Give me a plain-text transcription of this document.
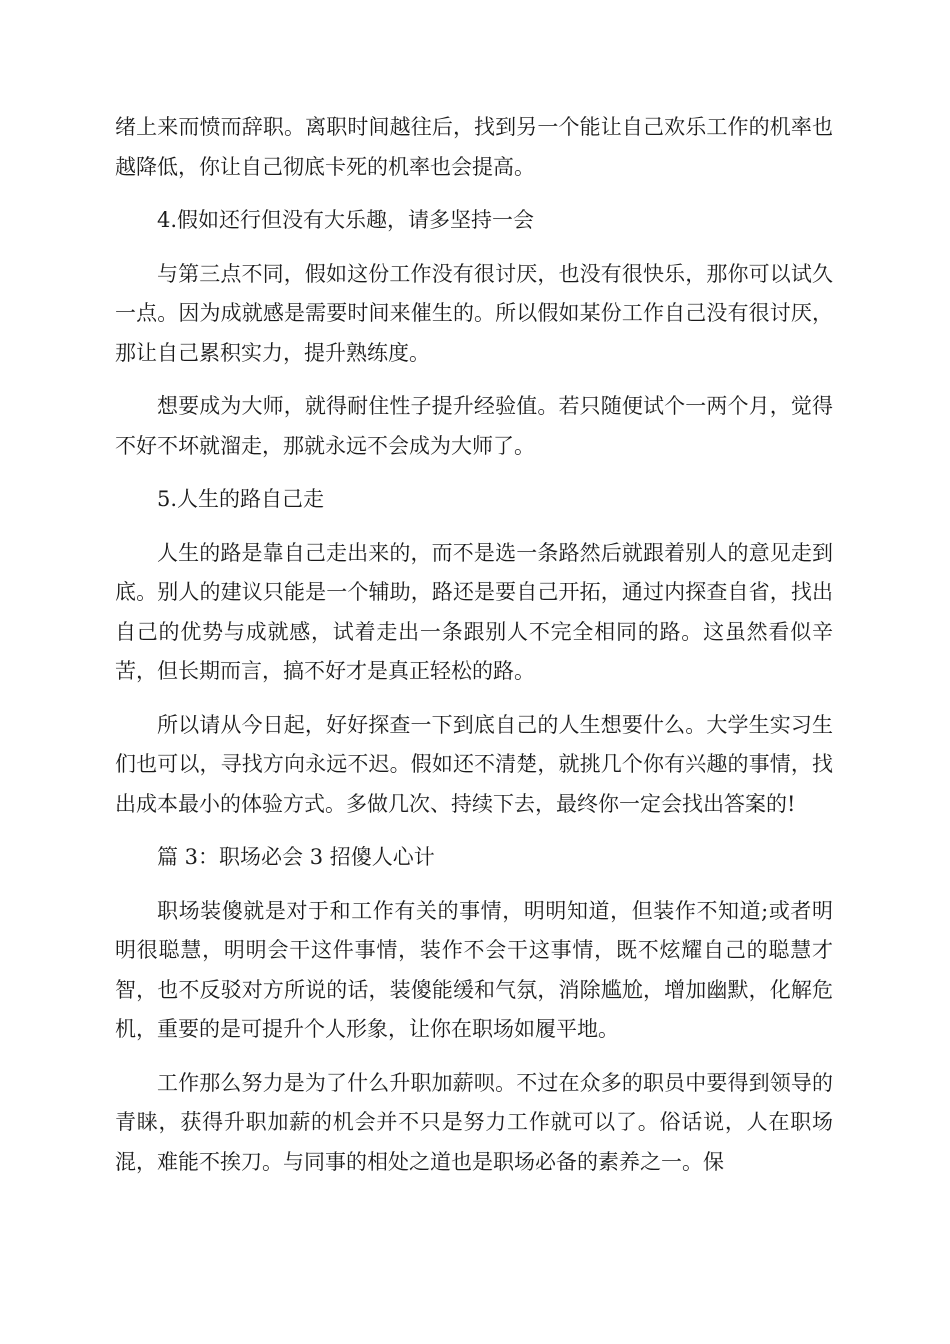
绪上来而愤而辞职。离职时间越往后，找到另一个能让自己欢乐工作的机率也越降低，你让自己彻底卡死的机率也会提高。

4.假如还行但没有大乐趣，请多坚持一会

与第三点不同，假如这份工作没有很讨厌，也没有很快乐，那你可以试久一点。因为成就感是需要时间来催生的。所以假如某份工作自己没有很讨厌，那让自己累积实力，提升熟练度。

想要成为大师，就得耐住性子提升经验值。若只随便试个一两个月，觉得不好不坏就溜走，那就永远不会成为大师了。

5.人生的路自己走

人生的路是靠自己走出来的，而不是选一条路然后就跟着别人的意见走到底。别人的建议只能是一个辅助，路还是要自己开拓，通过内探查自省，找出自己的优势与成就感，试着走出一条跟别人不完全相同的路。这虽然看似辛苦，但长期而言，搞不好才是真正轻松的路。

所以请从今日起，好好探查一下到底自己的人生想要什么。大学生实习生们也可以，寻找方向永远不迟。假如还不清楚，就挑几个你有兴趣的事情，找出成本最小的体验方式。多做几次、持续下去，最终你一定会找出答案的!

篇 3：职场必会 3 招傻人心计

职场装傻就是对于和工作有关的事情，明明知道，但装作不知道;或者明明很聪慧，明明会干这件事情，装作不会干这事情，既不炫耀自己的聪慧才智，也不反驳对方所说的话，装傻能缓和气氛，消除尴尬，增加幽默，化解危机，重要的是可提升个人形象，让你在职场如履平地。

工作那么努力是为了什么升职加薪呗。不过在众多的职员中要得到领导的青睐，获得升职加薪的机会并不只是努力工作就可以了。俗话说，人在职场混，难能不挨刀。与同事的相处之道也是职场必备的素养之一。保
